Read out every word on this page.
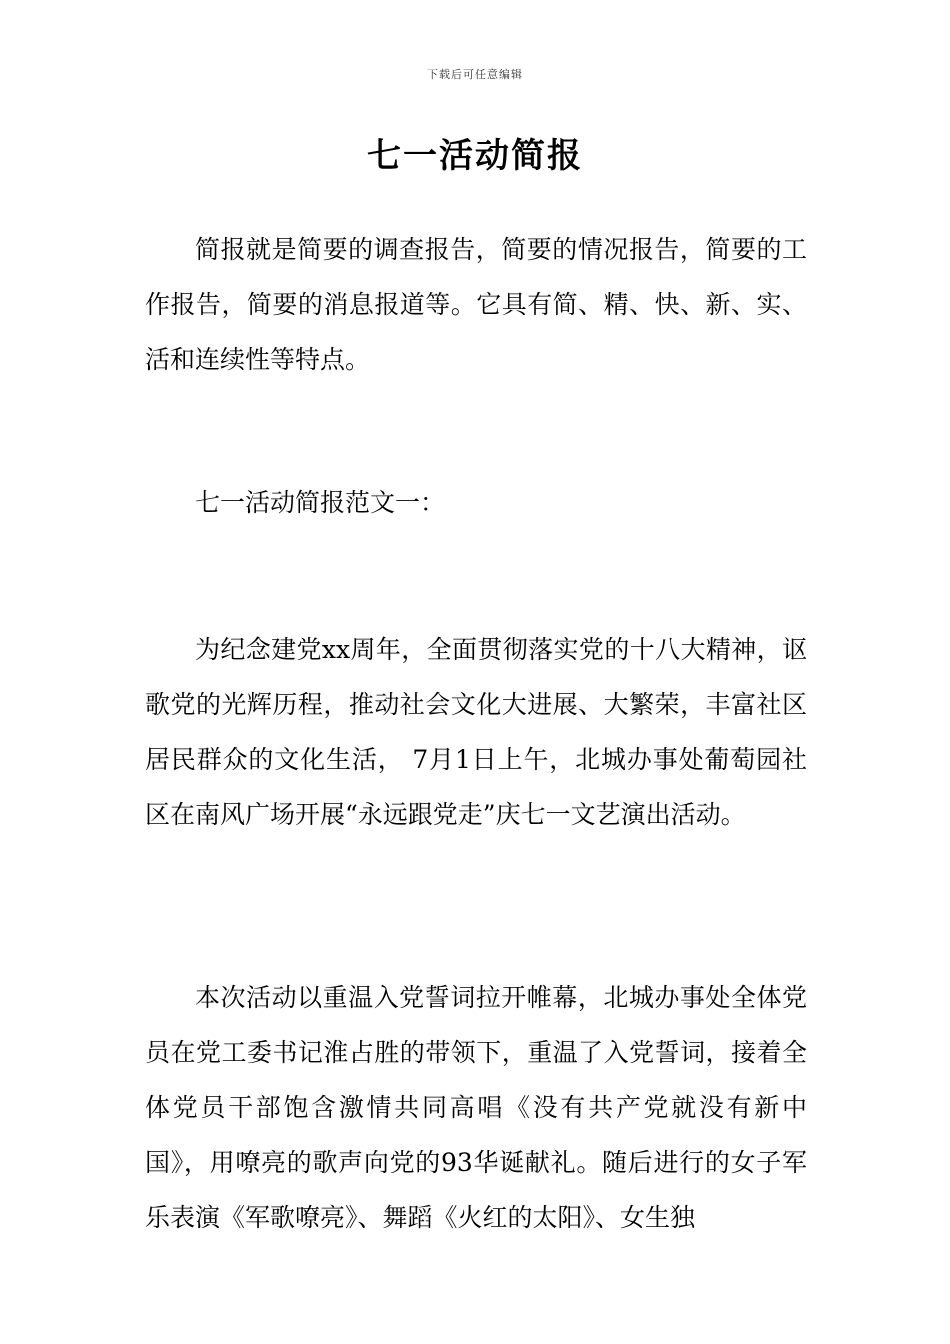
下载后可任意编辑
七一活动简报

简报就是简要的调查报告，简要的情况报告，简要的工作报告，简要的消息报道等。它具有简、精、快、新、实、活和连续性等特点。

七一活动简报范文一：

为纪念建党xx周年，全面贯彻落实党的十八大精神，讴歌党的光辉历程，推动社会文化大进展、大繁荣，丰富社区居民群众的文化生活， 7月1日上午，北城办事处葡萄园社区在南风广场开展“永远跟党走”庆七一文艺演出活动。

本次活动以重温入党誓词拉开帷幕，北城办事处全体党员在党工委书记淮占胜的带领下，重温了入党誓词，接着全体党员干部饱含激情共同高唱《没有共产党就没有新中国》，用嘹亮的歌声向党的93华诞献礼。随后进行的女子军乐表演《军歌嘹亮》、舞蹈《火红的太阳》、女生独
